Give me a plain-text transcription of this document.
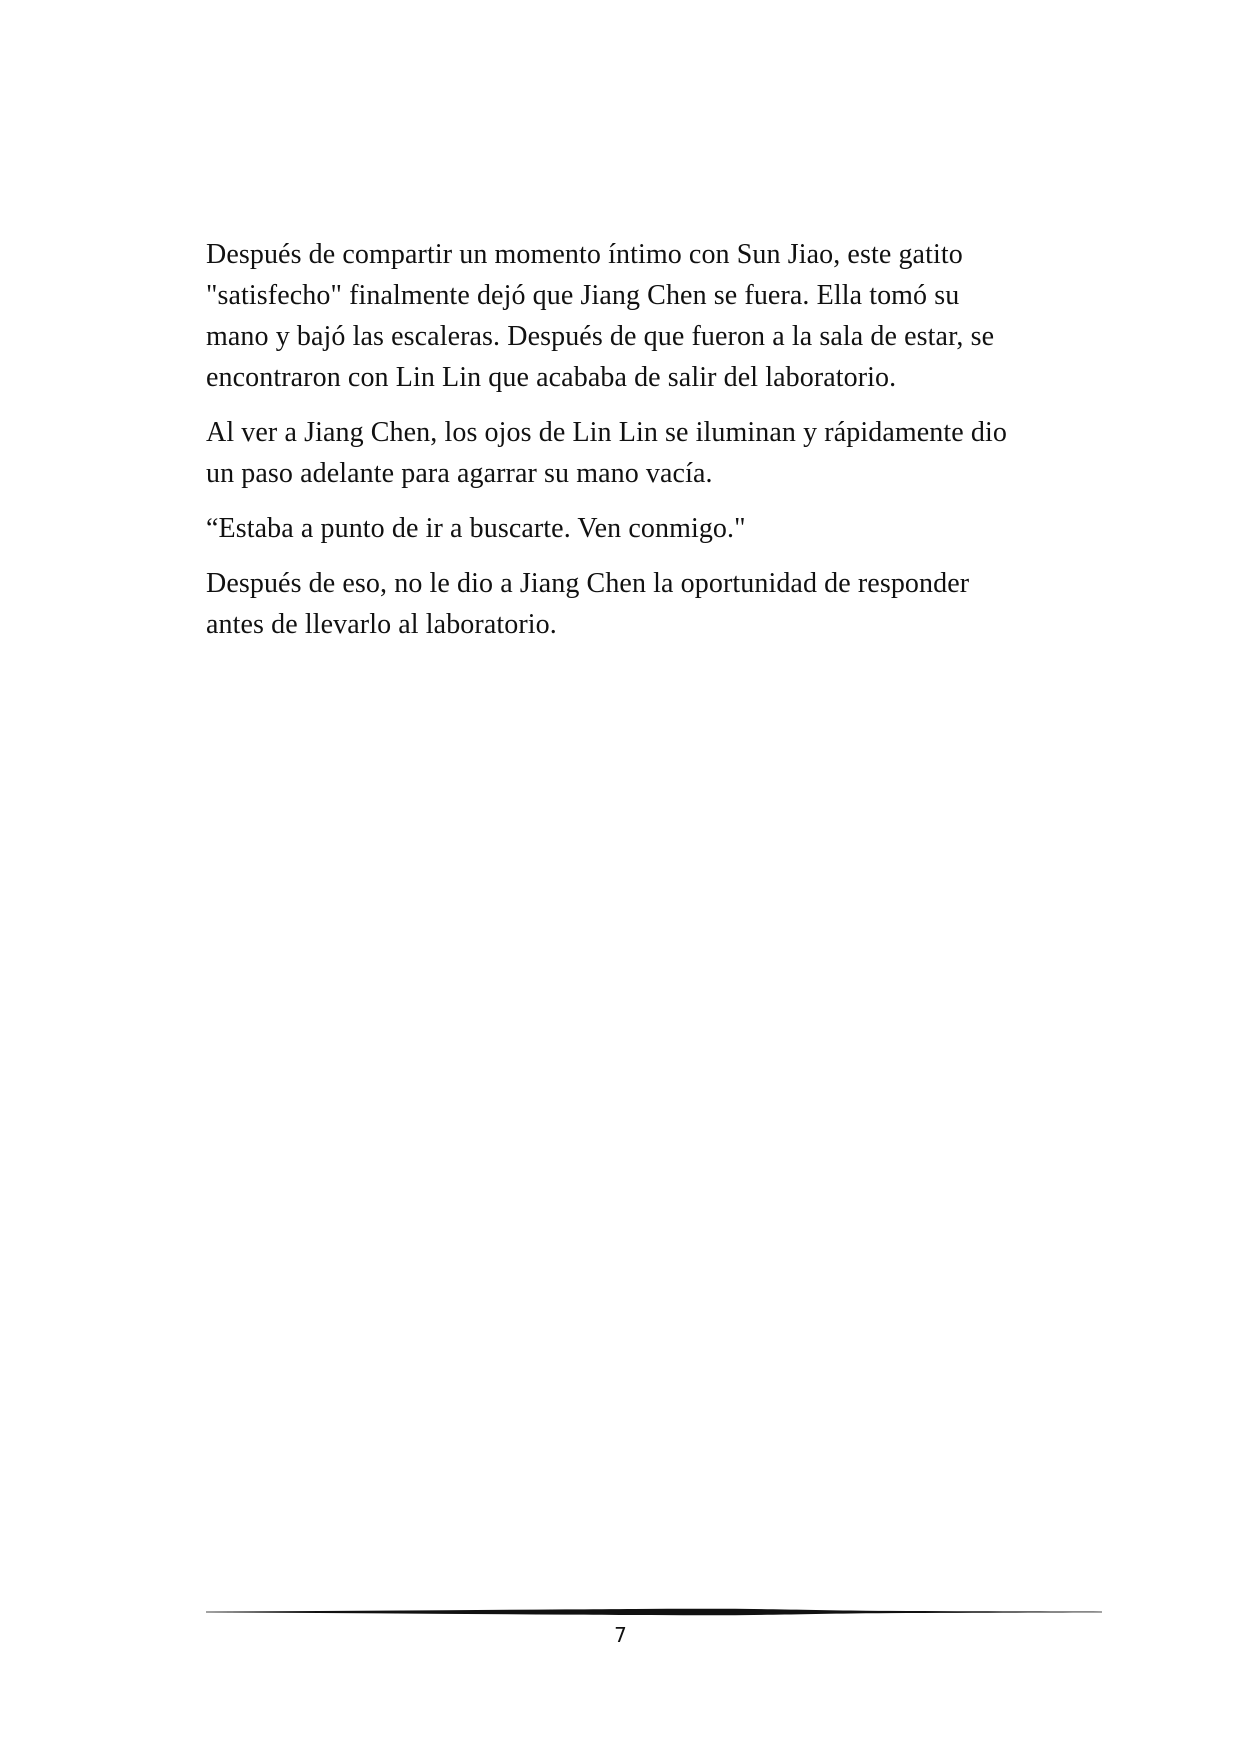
Después de compartir un momento íntimo con Sun Jiao, este gatito
"satisfecho" finalmente dejó que Jiang Chen se fuera. Ella tomó su
mano y bajó las escaleras. Después de que fueron a la sala de estar, se
encontraron con Lin Lin que acababa de salir del laboratorio.

Al ver a Jiang Chen, los ojos de Lin Lin se iluminan y rápidamente dio
un paso adelante para agarrar su mano vacía.

“Estaba a punto de ir a buscarte. Ven conmigo."

Después de eso, no le dio a Jiang Chen la oportunidad de responder
antes de llevarlo al laboratorio.

7
